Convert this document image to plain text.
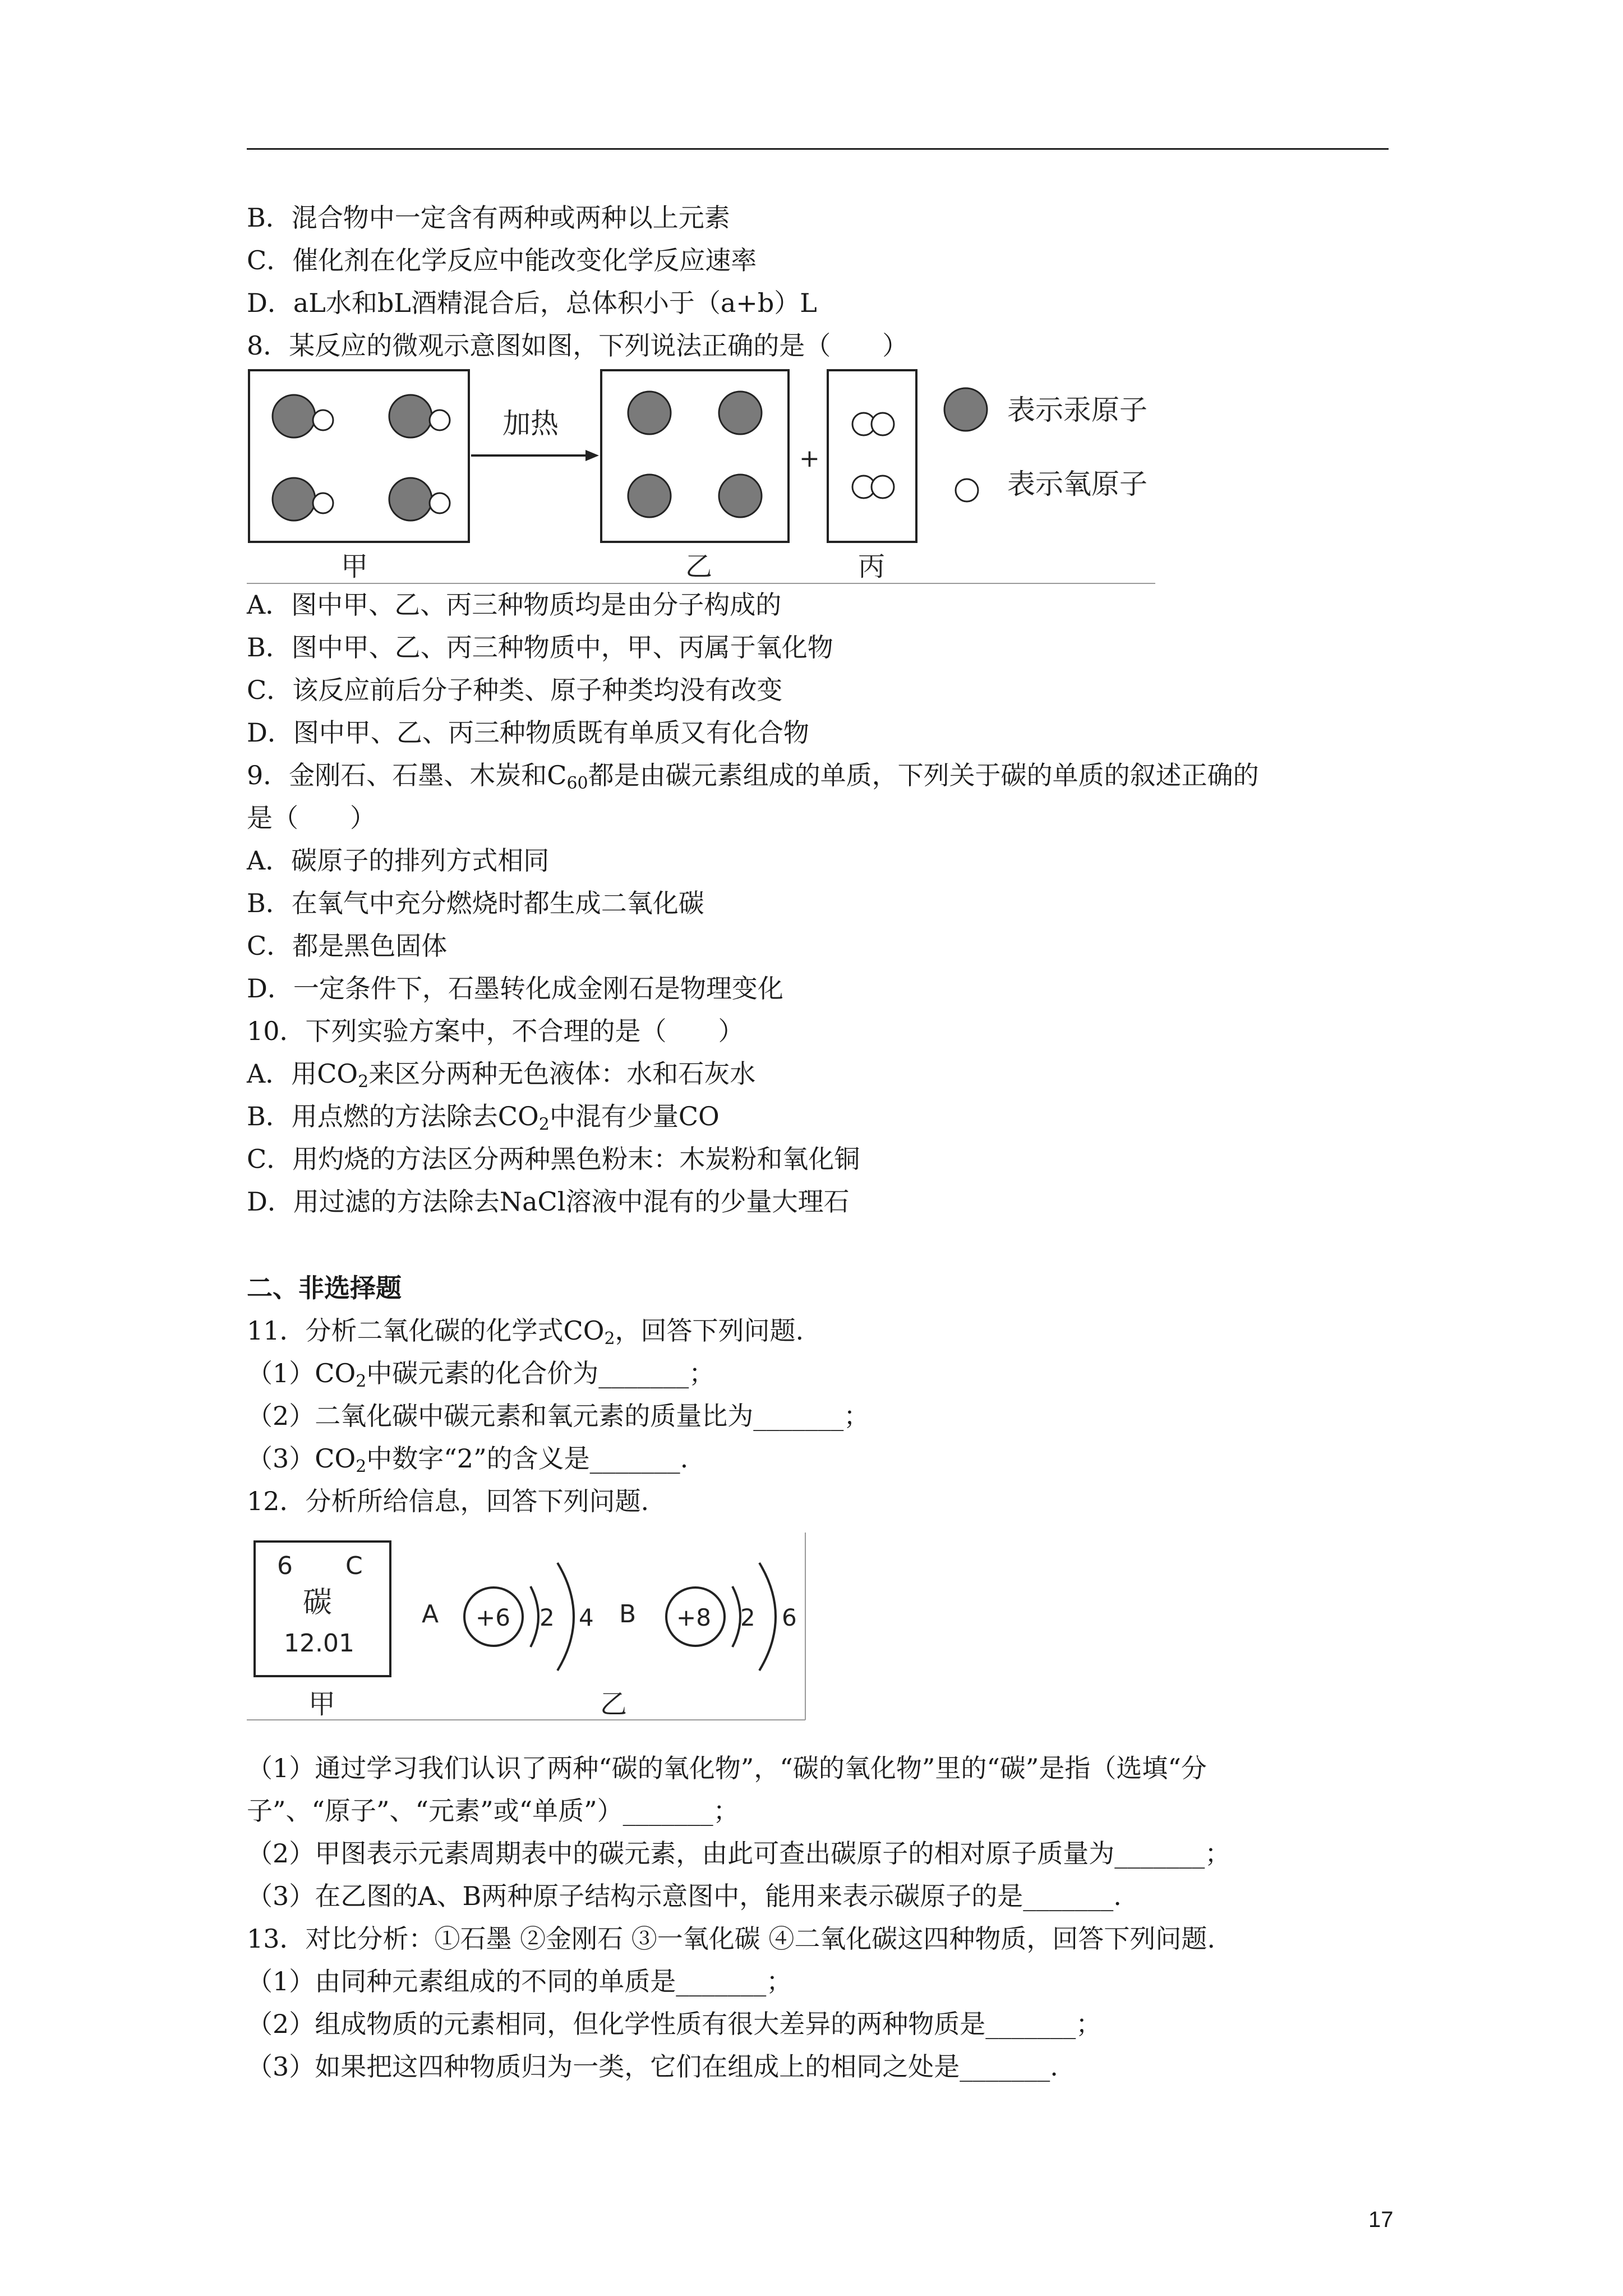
B．混合物中一定含有两种或两种以上元素
C．催化剂在化学反应中能改变化学反应速率
D．aL水和bL酒精混合后，总体积小于（a+b）L
8．某反应的微观示意图如图，下列说法正确的是（　　）
加热
+
表示汞原子
表示氧原子
甲	乙	丙
A．图中甲、乙、丙三种物质均是由分子构成的
B．图中甲、乙、丙三种物质中，甲、丙属于氧化物
C．该反应前后分子种类、原子种类均没有改变
D．图中甲、乙、丙三种物质既有单质又有化合物
9．金刚石、石墨、木炭和$C_{60}$都是由碳元素组成的单质，下列关于碳的单质的叙述正确的
是（　　）
A．碳原子的排列方式相同
B．在氧气中充分燃烧时都生成二氧化碳
C．都是黑色固体
D．一定条件下，石墨转化成金刚石是物理变化
10．下列实验方案中，不合理的是（　　）
A．用$CO_2$来区分两种无色液体：水和石灰水
B．用点燃的方法除去$CO_2$中混有少量CO
C．用灼烧的方法区分两种黑色粉末：木炭粉和氧化铜
D．用过滤的方法除去NaCl溶液中混有的少量大理石
二、非选择题
11．分析二氧化碳的化学式$CO_2$，回答下列问题.
$(1)CO_2$中碳元素的化合价为_______；
（2）二氧化碳中碳元素和氧元素的质量比为_______；
$(3)CO_2$中数字“2”的含义是_______.
12．分析所给信息，回答下列问题.
6 C
碳
12.01
A +6 2 4 B +8 2 6
甲	乙
（1）通过学习我们认识了两种“碳的氧化物”，“碳的氧化物”里的“碳”是指（选填“分
子”、“原子”、“元素”或“单质”）_______；
（2）甲图表示元素周期表中的碳元素，由此可查出碳原子的相对原子质量为_______；
（3）在乙图的A、B两种原子结构示意图中，能用来表示碳原子的是_______.
13．对比分析：①石墨 ②金刚石 ③一氧化碳 ④二氧化碳这四种物质，回答下列问题.
（1）由同种元素组成的不同的单质是_______；
（2）组成物质的元素相同，但化学性质有很大差异的两种物质是_______；
（3）如果把这四种物质归为一类，它们在组成上的相同之处是_______.
17
